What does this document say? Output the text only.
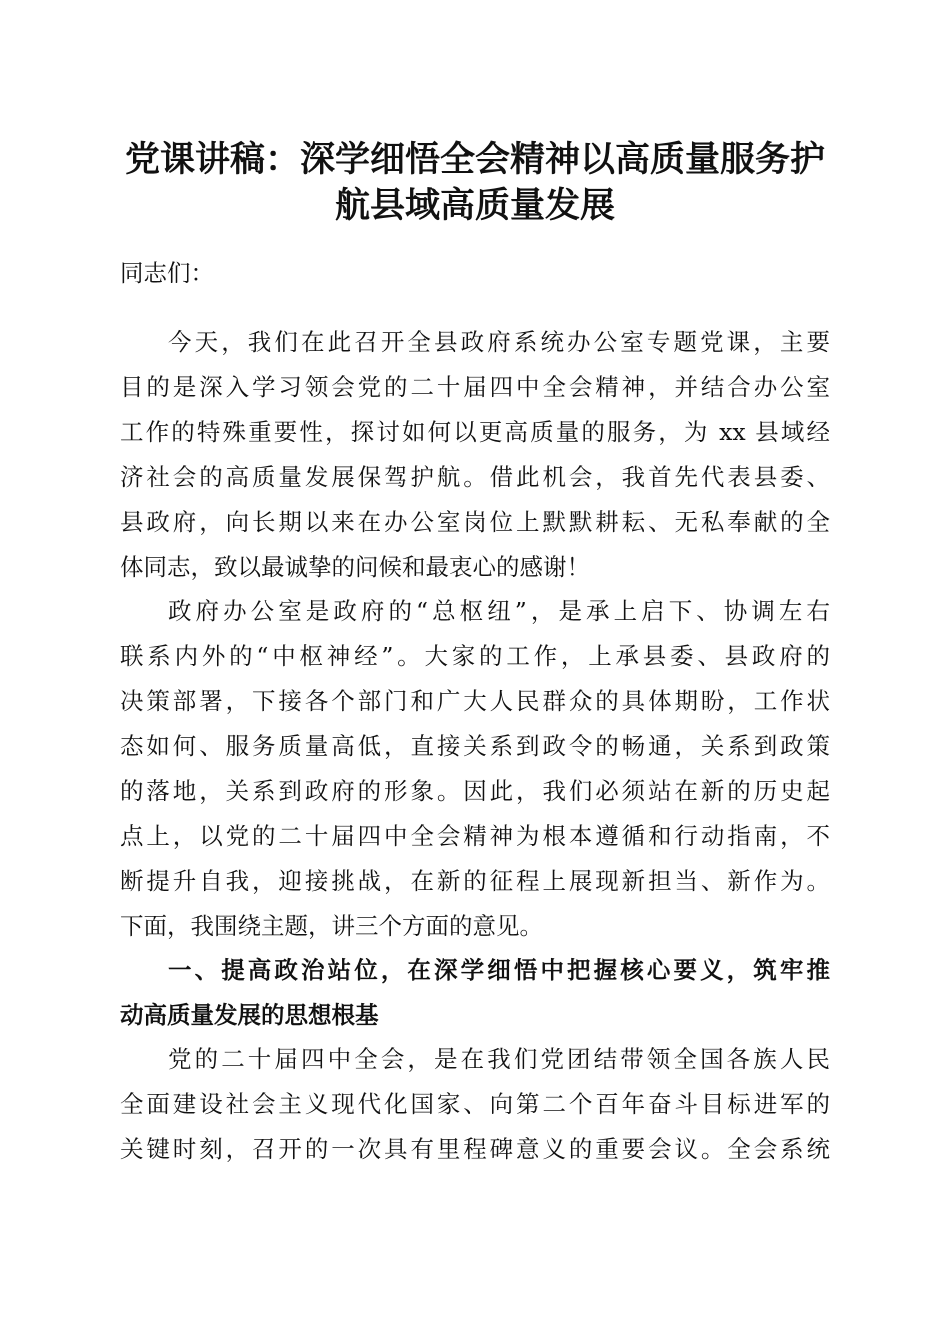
党课讲稿：深学细悟全会精神以高质量服务护
航县域高质量发展
同志们：
今天，我们在此召开全县政府系统办公室专题党课，主要
目的是深入学习领会党的二十届四中全会精神，并结合办公室
工作的特殊重要性，探讨如何以更高质量的服务，为 xx 县域经
济社会的高质量发展保驾护航。借此机会，我首先代表县委、
县政府，向长期以来在办公室岗位上默默耕耘、无私奉献的全
体同志，致以最诚挚的问候和最衷心的感谢！
政府办公室是政府的“总枢纽”，是承上启下、协调左右
联系内外的“中枢神经”。大家的工作，上承县委、县政府的
决策部署，下接各个部门和广大人民群众的具体期盼，工作状
态如何、服务质量高低，直接关系到政令的畅通，关系到政策
的落地，关系到政府的形象。因此，我们必须站在新的历史起
点上，以党的二十届四中全会精神为根本遵循和行动指南，不
断提升自我，迎接挑战，在新的征程上展现新担当、新作为。
下面，我围绕主题，讲三个方面的意见。
一、提高政治站位，在深学细悟中把握核心要义，筑牢推
动高质量发展的思想根基
党的二十届四中全会，是在我们党团结带领全国各族人民
全面建设社会主义现代化国家、向第二个百年奋斗目标进军的
关键时刻，召开的一次具有里程碑意义的重要会议。全会系统
